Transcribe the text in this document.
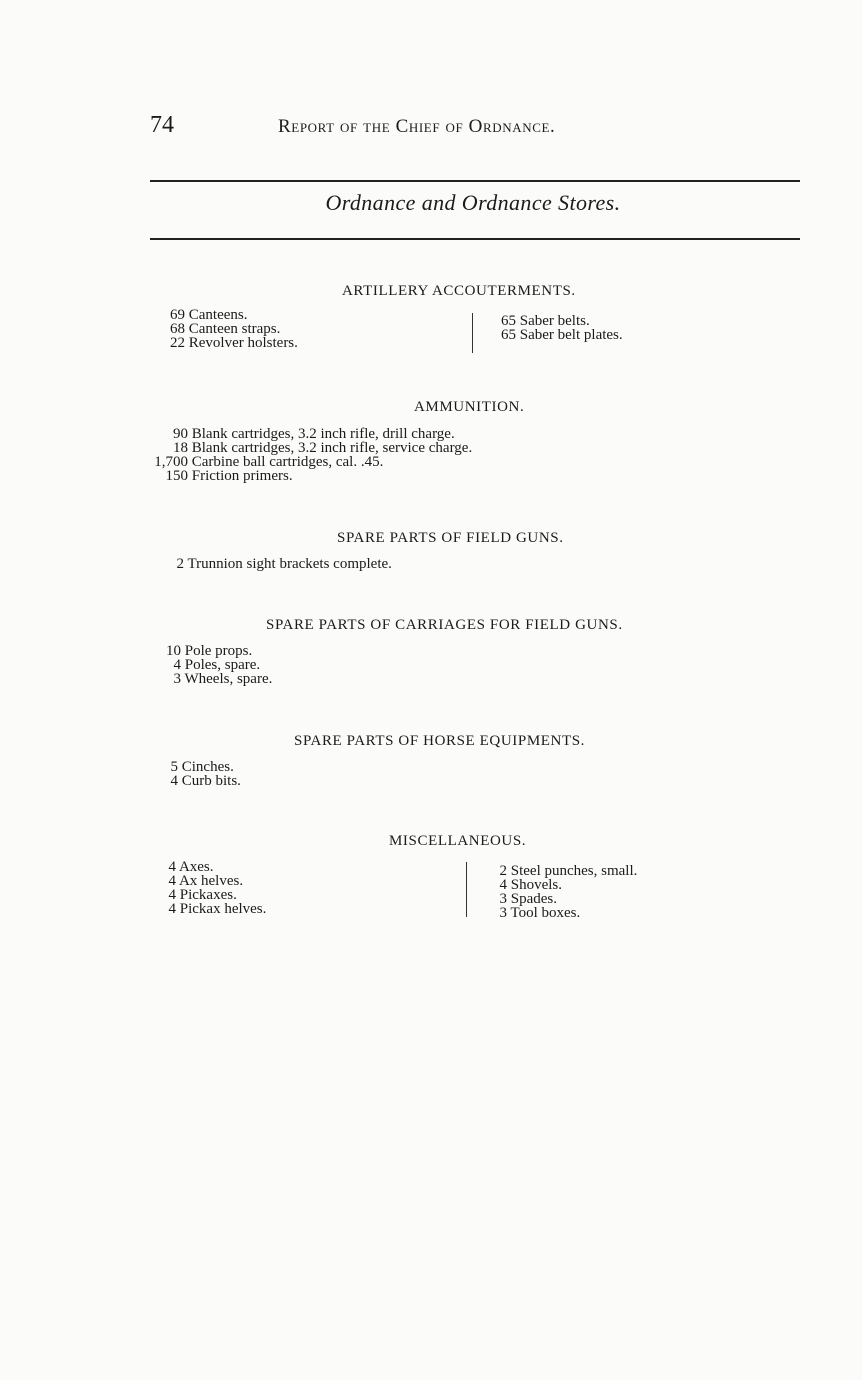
74	Report of the Chief of Ordnance.
Ordnance and Ordnance Stores.
ARTILLERY ACCOUTERMENTS.
69 Canteens.
68 Canteen straps.
22 Revolver holsters.
65 Saber belts.
65 Saber belt plates.
AMMUNITION.
90 Blank cartridges, 3.2 inch rifle, drill charge.
18 Blank cartridges, 3.2 inch rifle, service charge.
1,700 Carbine ball cartridges, cal. .45.
150 Friction primers.
SPARE PARTS OF FIELD GUNS.
2 Trunnion sight brackets complete.
SPARE PARTS OF CARRIAGES FOR FIELD GUNS.
10 Pole props.
4 Poles, spare.
3 Wheels, spare.
SPARE PARTS OF HORSE EQUIPMENTS.
5 Cinches.
4 Curb bits.
MISCELLANEOUS.
4 Axes.
4 Ax helves.
4 Pickaxes.
4 Pickax helves.
2 Steel punches, small.
4 Shovels.
3 Spades.
3 Tool boxes.
